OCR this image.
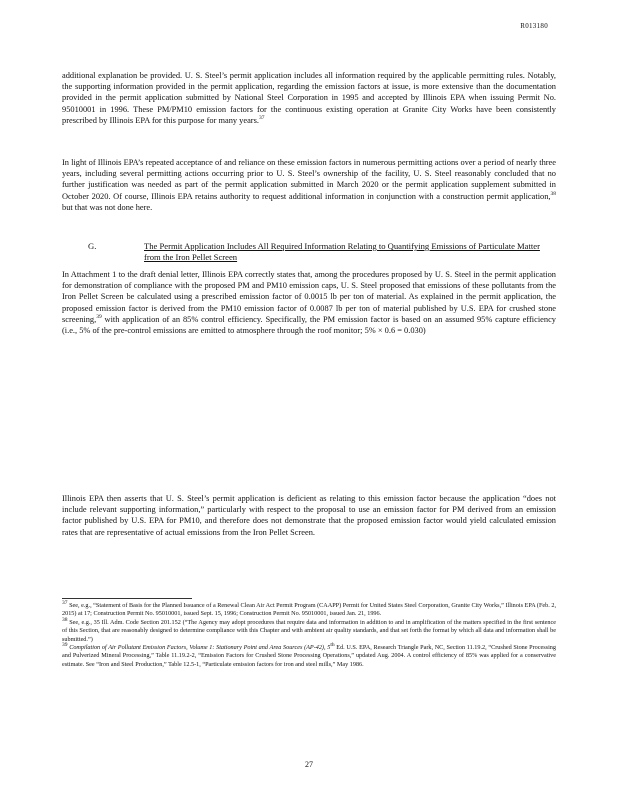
R013180

additional explanation be provided. U. S. Steel’s permit application includes all information required by the applicable permitting rules. Notably, the supporting information provided in the permit application, regarding the emission factors at issue, is more extensive than the documentation provided in the permit application submitted by National Steel Corporation in 1995 and accepted by Illinois EPA when issuing Permit No. 95010001 in 1996. These PM/PM10 emission factors for the continuous existing operation at Granite City Works have been consistently prescribed by Illinois EPA for this purpose for many years.$^{37}$

In light of Illinois EPA’s repeated acceptance of and reliance on these emission factors in numerous permitting actions over a period of nearly three years, including several permitting actions occurring prior to U. S. Steel’s ownership of the facility, U. S. Steel reasonably concluded that no further justification was needed as part of the permit application submitted in March 2020 or the permit application supplement submitted in October 2020. Of course, Illinois EPA retains authority to request additional information in conjunction with a construction permit application,$^{38}$ but that was not done here.

G.	The Permit Application Includes All Required Information Relating to Quantifying Emissions of Particulate Matter from the Iron Pellet Screen

In Attachment 1 to the draft denial letter, Illinois EPA correctly states that, among the procedures proposed by U. S. Steel in the permit application for demonstration of compliance with the proposed PM and PM10 emission caps, U. S. Steel proposed that emissions of these pollutants from the Iron Pellet Screen be calculated using a prescribed emission factor of 0.0015 lb per ton of material. As explained in the permit application, the proposed emission factor is derived from the PM10 emission factor of 0.0087 lb per ton of material published by U.S. EPA for crushed stone screening,$^{39}$ with application of an 85% control efficiency. Specifically, the PM emission factor is based on an assumed 95% capture efficiency (i.e., 5% of the pre-control emissions are emitted to atmosphere through the roof monitor; 5% × 0.6 = 0.030)

Illinois EPA then asserts that U. S. Steel’s permit application is deficient as relating to this emission factor because the application “does not include relevant supporting information,” particularly with respect to the proposal to use an emission factor for PM derived from an emission factor published by U.S. EPA for PM10, and therefore does not demonstrate that the proposed emission factor would yield calculated emission rates that are representative of actual emissions from the Iron Pellet Screen.

$^{37}$ See, e.g., “Statement of Basis for the Planned Issuance of a Renewal Clean Air Act Permit Program (CAAPP) Permit for United States Steel Corporation, Granite City Works,” Illinois EPA (Feb. 2, 2015) at 17; Construction Permit No. 95010001, issued Sept. 15, 1996; Construction Permit No. 95010001, issued Jan. 21, 1996.

$^{38}$ See, e.g., 35 Ill. Adm. Code Section 201.152 (“The Agency may adopt procedures that require data and information in addition to and in amplification of the matters specified in the first sentence of this Section, that are reasonably designed to determine compliance with this Chapter and with ambient air quality standards, and that set forth the format by which all data and information shall be submitted.”)

$^{39}$ Compilation of Air Pollutant Emission Factors, Volume 1: Stationary Point and Area Sources (AP-42), 5th Ed. U.S. EPA, Research Triangle Park, NC, Section 11.19.2, “Crushed Stone Processing and Pulverized Mineral Processing,” Table 11.19.2-2, “Emission Factors for Crushed Stone Processing Operations,” updated Aug. 2004. A control efficiency of 85% was applied for a conservative estimate. See “Iron and Steel Production,” Table 12.5-1, “Particulate emission factors for iron and steel mills,” May 1986.

27
